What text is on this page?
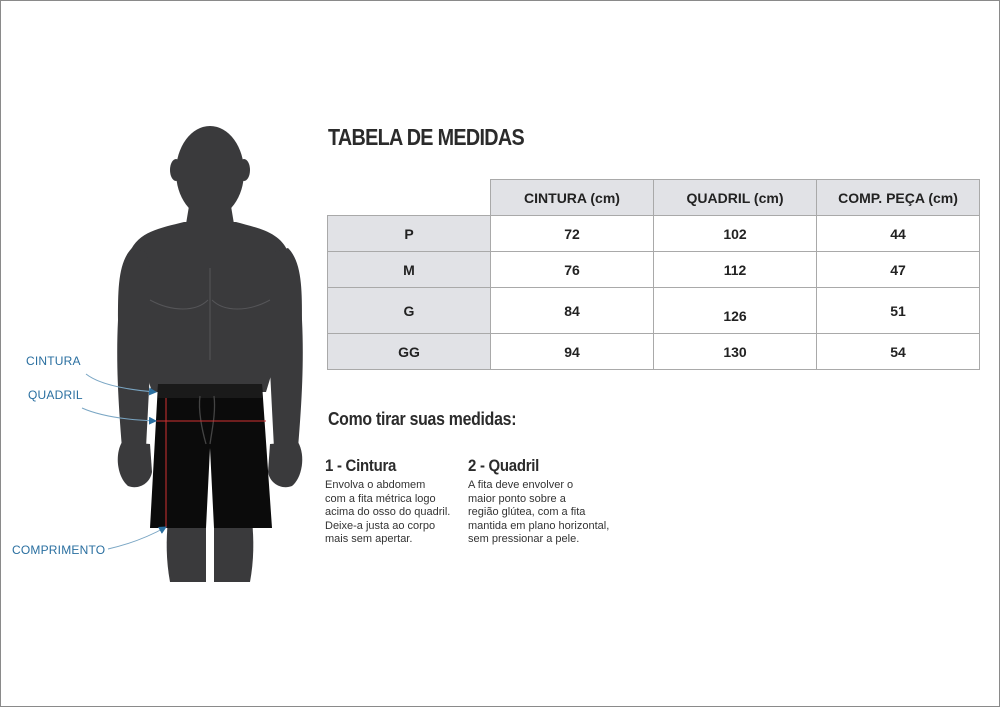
CINTURA
QUADRIL
COMPRIMENTO
TABELA DE MEDIDAS
	CINTURA (cm)	QUADRIL (cm)	COMP. PEÇA (cm)
P	72	102	44
M	76	112	47
G	84	126	51
GG	94	130	54
Como tirar suas medidas:
1 - Cintura

Envolva o abdomem
com a fita métrica logo
acima do osso do quadril.
Deixe-a justa ao corpo
mais sem apertar.

2 - Quadril

A fita deve envolver o
maior ponto sobre a
região glútea, com a fita
mantida em plano horizontal,
sem pressionar a pele.
